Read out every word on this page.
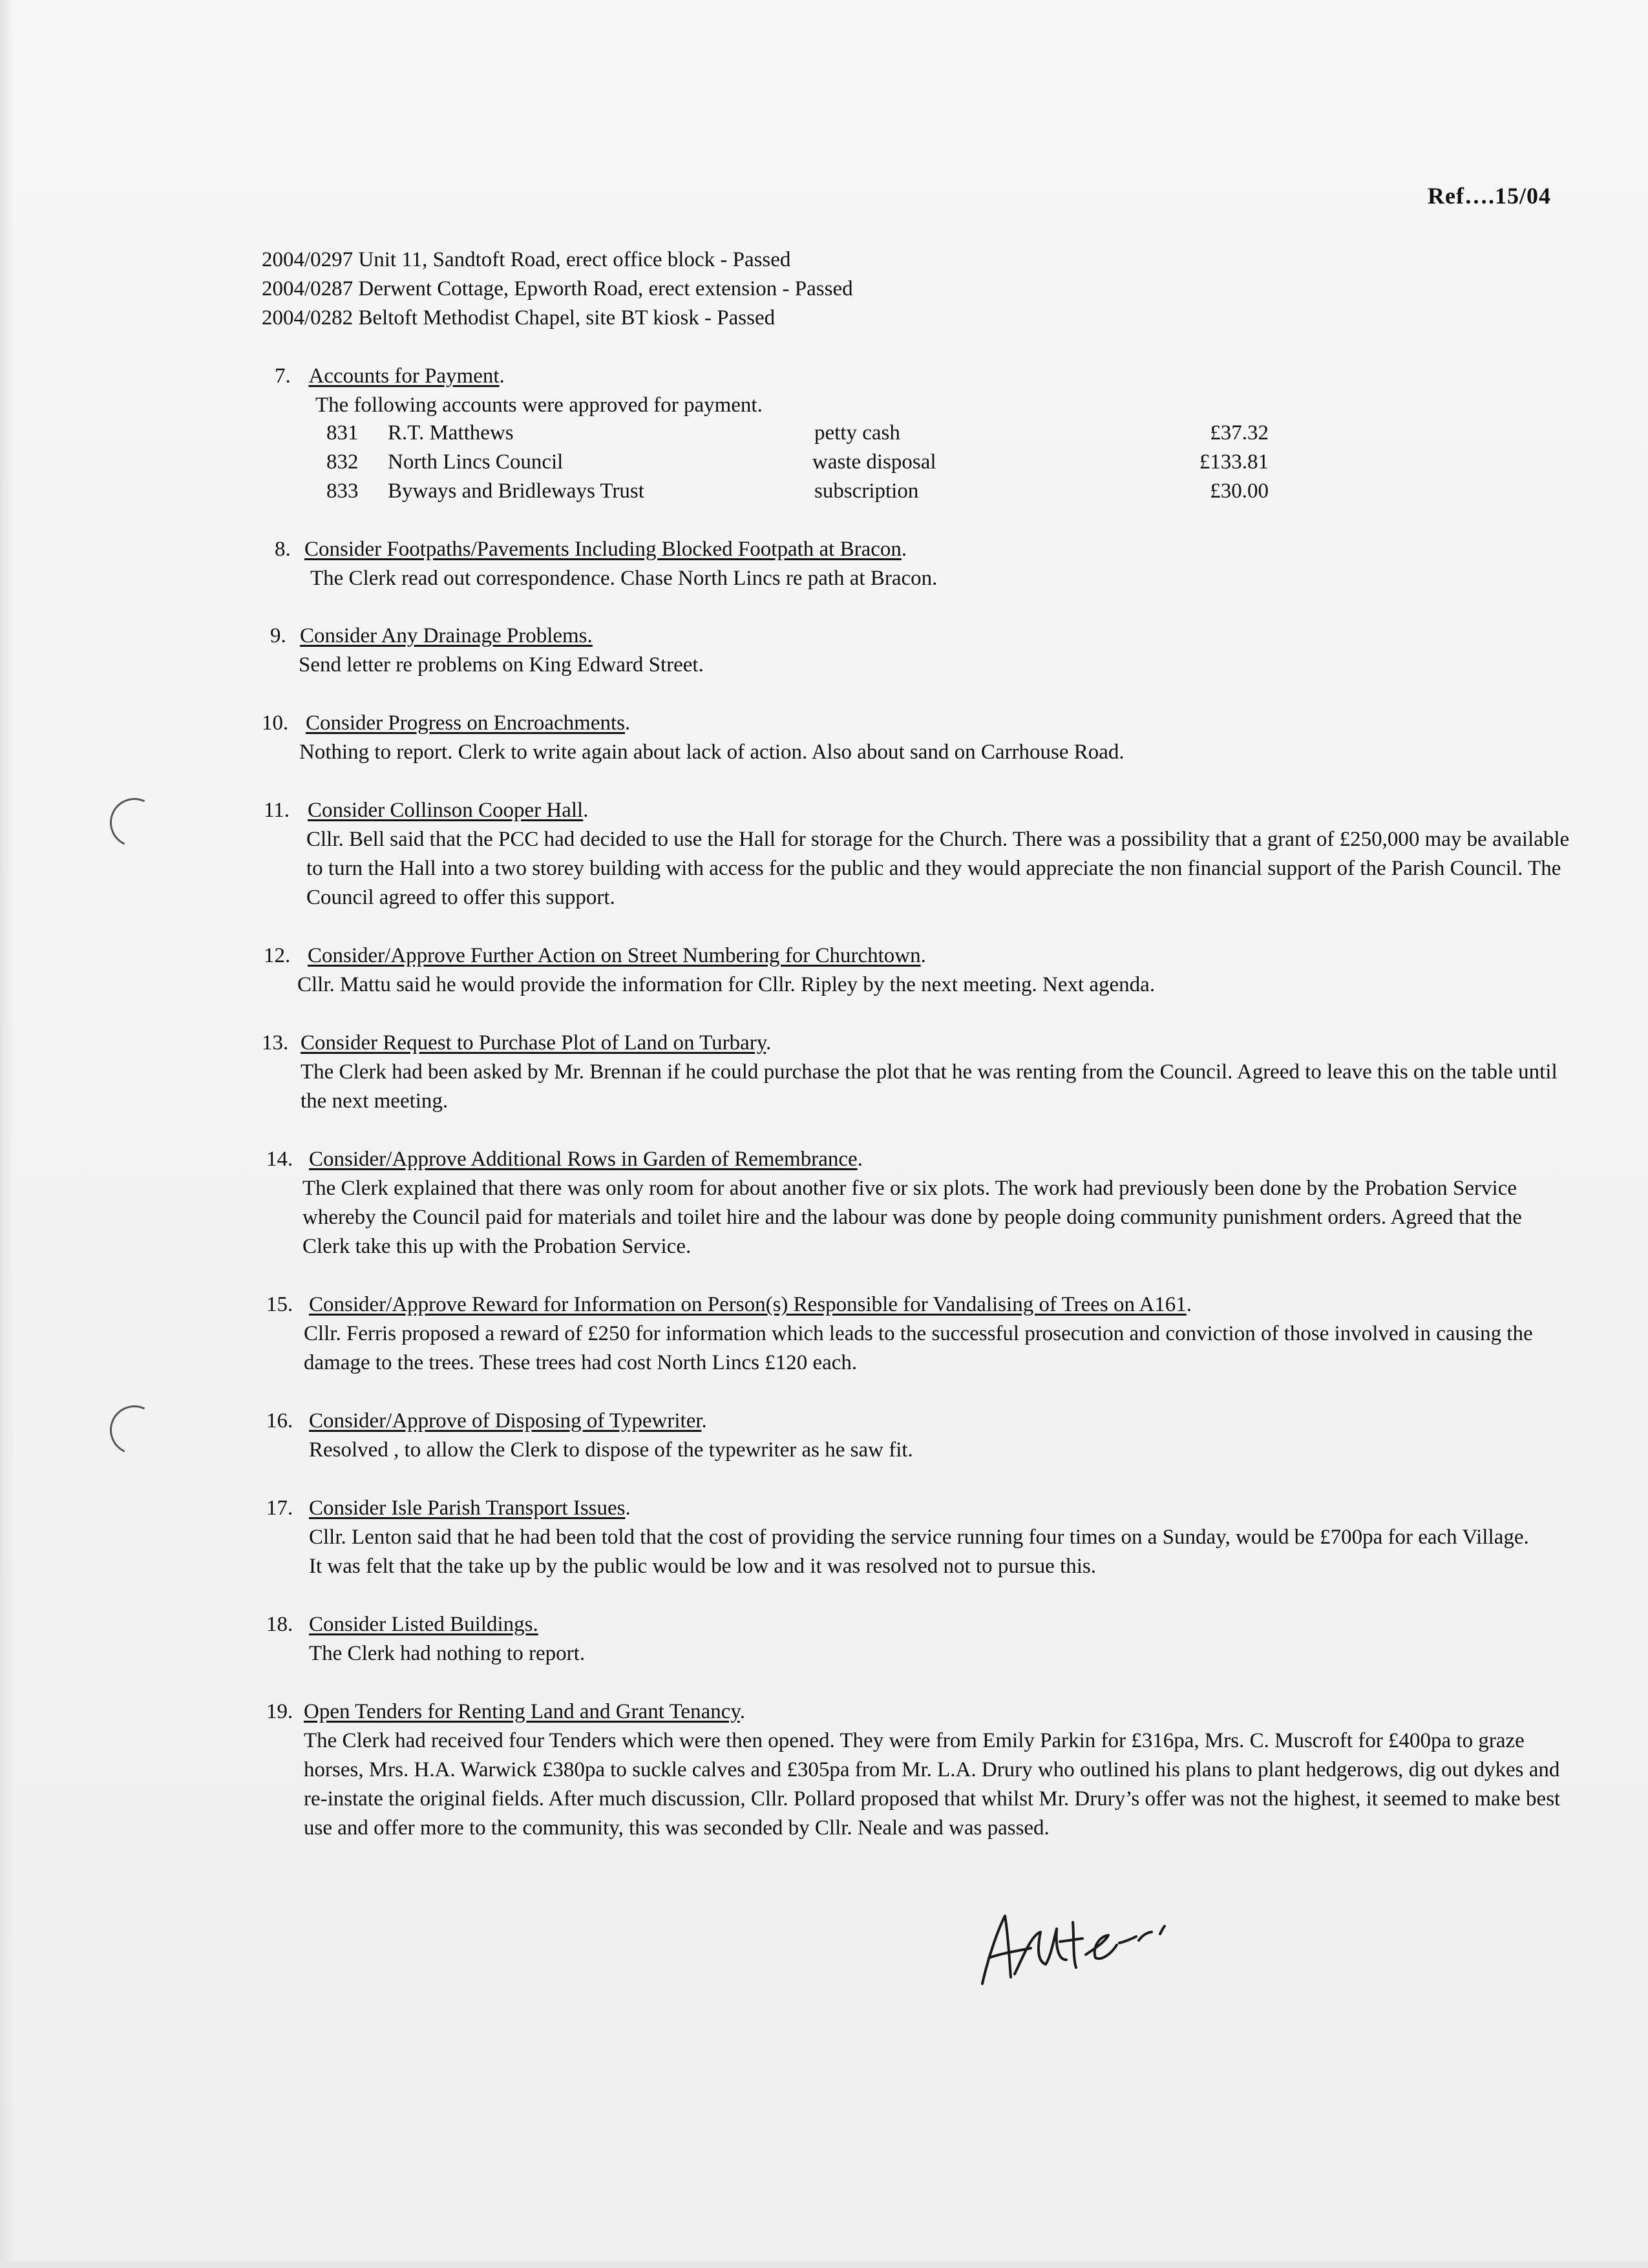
Ref….15/04
2004/0297 Unit 11, Sandtoft Road, erect office block - Passed
2004/0287 Derwent Cottage, Epworth Road, erect extension - Passed
2004/0282 Beltoft Methodist Chapel, site BT kiosk - Passed
7. Accounts for Payment.
The following accounts were approved for payment.
831 R.T. Matthews	petty cash	£37.32
832 North Lincs Council	waste disposal	£133.81
833 Byways and Bridleways Trust	subscription	£30.00
8. Consider Footpaths/Pavements Including Blocked Footpath at Bracon.
The Clerk read out correspondence. Chase North Lincs re path at Bracon.
9. Consider Any Drainage Problems.
Send letter re problems on King Edward Street.
10. Consider Progress on Encroachments.
Nothing to report. Clerk to write again about lack of action. Also about sand on Carrhouse Road.
11. Consider Collinson Cooper Hall.
Cllr. Bell said that the PCC had decided to use the Hall for storage for the Church. There was a possibility that a grant of £250,000 may be available to turn the Hall into a two storey building with access for the public and they would appreciate the non financial support of the Parish Council. The Council agreed to offer this support.
12. Consider/Approve Further Action on Street Numbering for Churchtown.
Cllr. Mattu said he would provide the information for Cllr. Ripley by the next meeting. Next agenda.
13. Consider Request to Purchase Plot of Land on Turbary.
The Clerk had been asked by Mr. Brennan if he could purchase the plot that he was renting from the Council. Agreed to leave this on the table until the next meeting.
14. Consider/Approve Additional Rows in Garden of Remembrance.
The Clerk explained that there was only room for about another five or six plots. The work had previously been done by the Probation Service whereby the Council paid for materials and toilet hire and the labour was done by people doing community punishment orders. Agreed that the Clerk take this up with the Probation Service.
15. Consider/Approve Reward for Information on Person(s) Responsible for Vandalising of Trees on A161.
Cllr. Ferris proposed a reward of £250 for information which leads to the successful prosecution and conviction of those involved in causing the damage to the trees. These trees had cost North Lincs £120 each.
16. Consider/Approve of Disposing of Typewriter.
Resolved , to allow the Clerk to dispose of the typewriter as he saw fit.
17. Consider Isle Parish Transport Issues.
Cllr. Lenton said that he had been told that the cost of providing the service running four times on a Sunday, would be £700pa for each Village. It was felt that the take up by the public would be low and it was resolved not to pursue this.
18. Consider Listed Buildings.
The Clerk had nothing to report.
19. Open Tenders for Renting Land and Grant Tenancy.
The Clerk had received four Tenders which were then opened. They were from Emily Parkin for £316pa, Mrs. C. Muscroft for £400pa to graze horses, Mrs. H.A. Warwick £380pa to suckle calves and £305pa from Mr. L.A. Drury who outlined his plans to plant hedgerows, dig out dykes and re-instate the original fields. After much discussion, Cllr. Pollard proposed that whilst Mr. Drury’s offer was not the highest, it seemed to make best use and offer more to the community, this was seconded by Cllr. Neale and was passed.
